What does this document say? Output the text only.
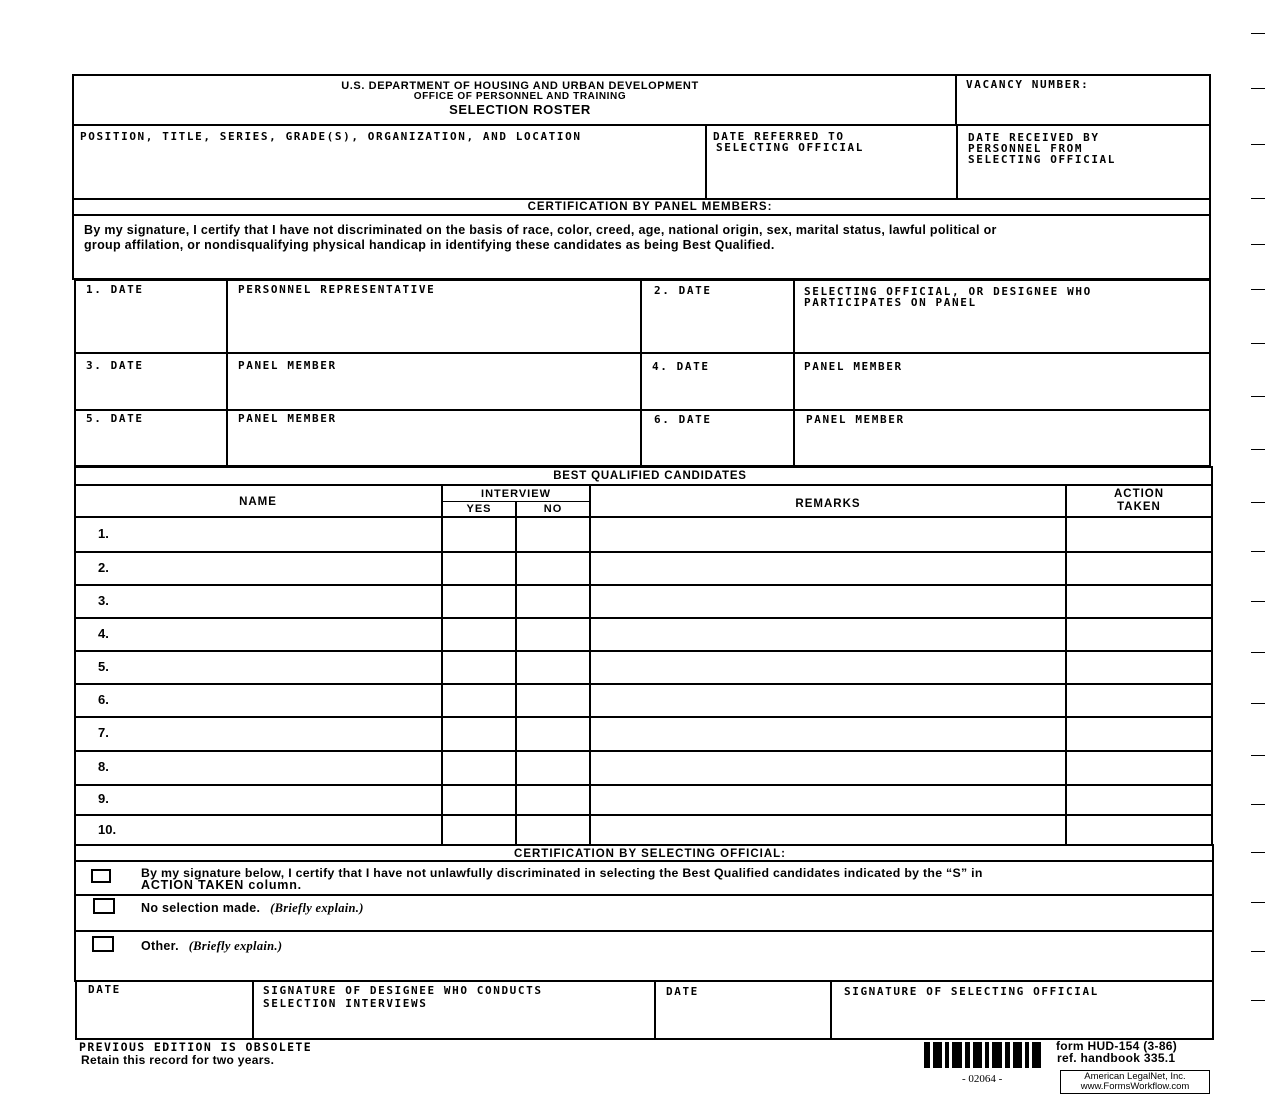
U.S. DEPARTMENT OF HOUSING AND URBAN DEVELOPMENT
OFFICE OF PERSONNEL AND TRAINING
SELECTION ROSTER
VACANCY NUMBER:
POSITION, TITLE, SERIES, GRADE(S), ORGANIZATION, AND LOCATION	DATE REFERRED TO
SELECTING OFFICIAL
DATE RECEIVED BY
PERSONNEL FROM
SELECTING OFFICIAL
CERTIFICATION BY PANEL MEMBERS:
By my signature, I certify that I have not discriminated on the basis of race, color, creed, age, national origin, sex, marital status, lawful political or
group affilation, or nondisqualifying physical handicap in identifying these candidates as being Best Qualified.
1. DATE	PERSONNEL REPRESENTATIVE	2. DATE	SELECTING OFFICIAL, OR DESIGNEE WHO
PARTICIPATES ON PANEL
3. DATE	PANEL MEMBER	4. DATE	PANEL MEMBER
5. DATE	PANEL MEMBER	6. DATE	PANEL MEMBER
BEST QUALIFIED CANDIDATES
NAME
INTERVIEW
YES	NO	REMARKS
ACTION
TAKEN
1.
2.
3.
4.
5.
6.
7.
8.
9.
10.
CERTIFICATION BY SELECTING OFFICIAL:
By my signature below, I certify that I have not unlawfully discriminated in selecting the Best Qualified candidates indicated by the “S” in
ACTION TAKEN column.
No selection made. (Briefly explain.)
Other. (Briefly explain.)
DATE	SIGNATURE OF DESIGNEE WHO CONDUCTS
SELECTION INTERVIEWS
DATE	SIGNATURE OF SELECTING OFFICIAL
PREVIOUS EDITION IS OBSOLETE
Retain this record for two years.
form HUD-154 (3-86)
ref. handbook 335.1
- 02064 -	American LegalNet, Inc.
www.FormsWorkflow.com
